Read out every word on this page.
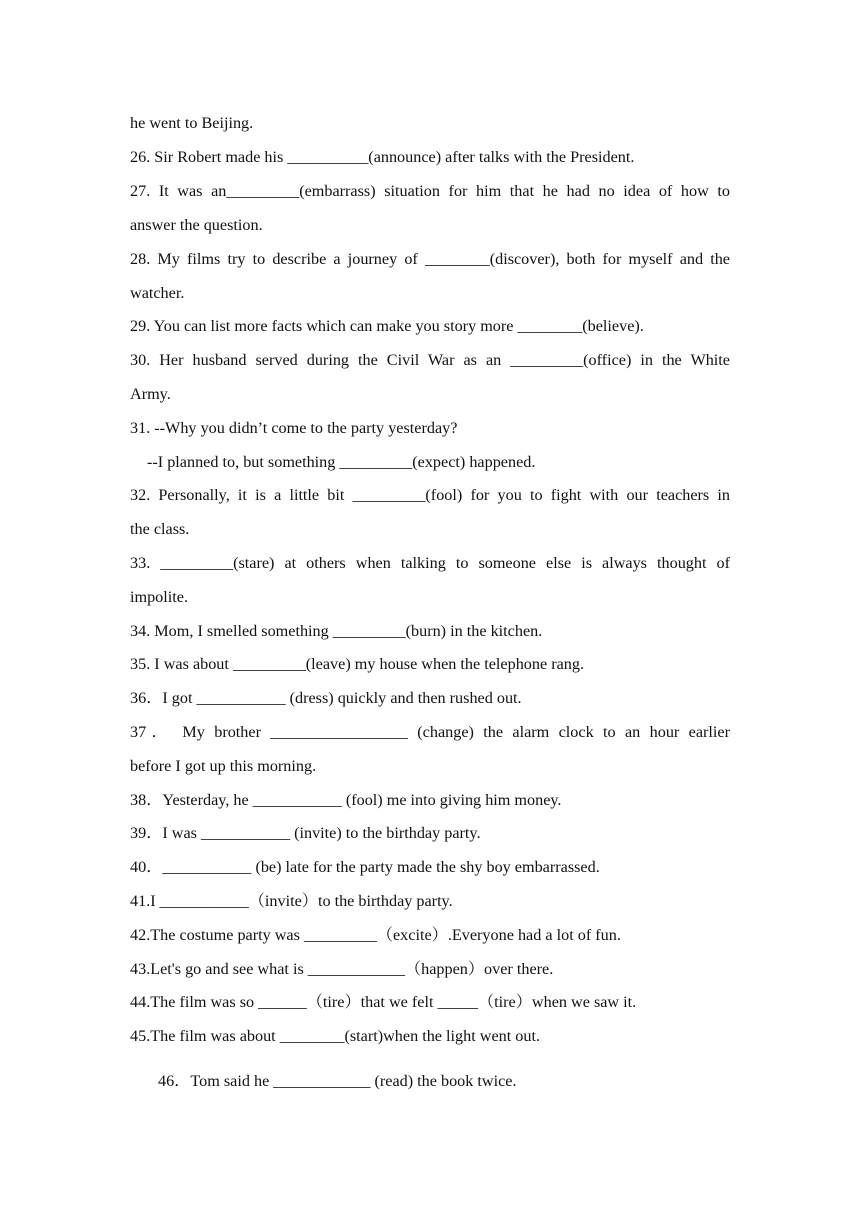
he went to Beijing.
26. Sir Robert made his __________(announce) after talks with the President.
27. It was an_________(embarrass) situation for him that he had no idea of how to
answer the question.
28. My films try to describe a journey of ________(discover), both for myself and the
watcher.
29. You can list more facts which can make you story more ________(believe).
30. Her husband served during the Civil War as an _________(office) in the White
Army.
31. --Why you didn’t come to the party yesterday?
--I planned to, but something _________(expect) happened.
32. Personally, it is a little bit _________(fool) for you to fight with our teachers in
the class.
33. _________(stare) at others when talking to someone else is always thought of
impolite.
34. Mom, I smelled something _________(burn) in the kitchen.
35. I was about _________(leave) my house when the telephone rang.
36．I got ___________ (dress) quickly and then rushed out.
37． My brother _________________ (change) the alarm clock to an hour earlier
before I got up this morning.
38．Yesterday, he ___________ (fool) me into giving him money.
39．I was ___________ (invite) to the birthday party.
40．___________ (be) late for the party made the shy boy embarrassed.
41.I ___________（invite）to the birthday party.
42.The costume party was _________（excite）.Everyone had a lot of fun.
43.Let's go and see what is ____________（happen）over there.
44.The film was so ______（tire）that we felt _____（tire）when we saw it.
45.The film was about ________(start)when the light went out.
46．Tom said he ____________ (read) the book twice.
